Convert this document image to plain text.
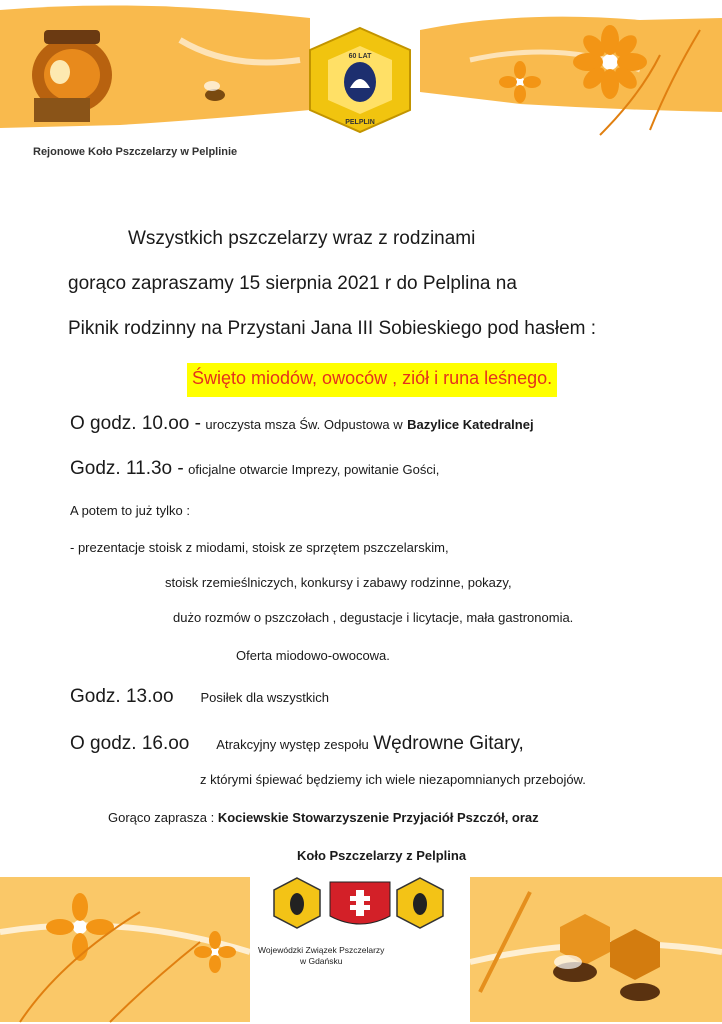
60 LAT
PELPLIN
Rejonowe Koło Pszczelarzy w Pelplinie
Wszystkich pszczelarzy wraz z rodzinami
gorąco zapraszamy 15 sierpnia 2021 r do Pelplina na
Piknik rodzinny na Przystani Jana III Sobieskiego pod hasłem :
Święto miodów, owoców , ziół i runa leśnego.
O godz. 10.oo - uroczysta msza Św. Odpustowa w Bazylice Katedralnej
Godz. 11.3o - oficjalne otwarcie Imprezy, powitanie Gości,
A potem to już tylko :
- prezentacje stoisk z miodami, stoisk ze sprzętem pszczelarskim,
stoisk rzemieślniczych, konkursy i zabawy rodzinne, pokazy,
dużo rozmów o pszczołach , degustacje i licytacje, mała gastronomia.
Oferta miodowo-owocowa.
Godz. 13.oo Posiłek dla wszystkich
O godz. 16.oo Atrakcyjny występ zespołu Wędrowne Gitary,
z którymi śpiewać będziemy ich wiele niezapomnianych przebojów.
Gorąco zaprasza : Kociewskie Stowarzyszenie Przyjaciół Pszczół, oraz
Koło Pszczelarzy z Pelplina
Wojewódzki Związek Pszczelarzy
w Gdańsku
